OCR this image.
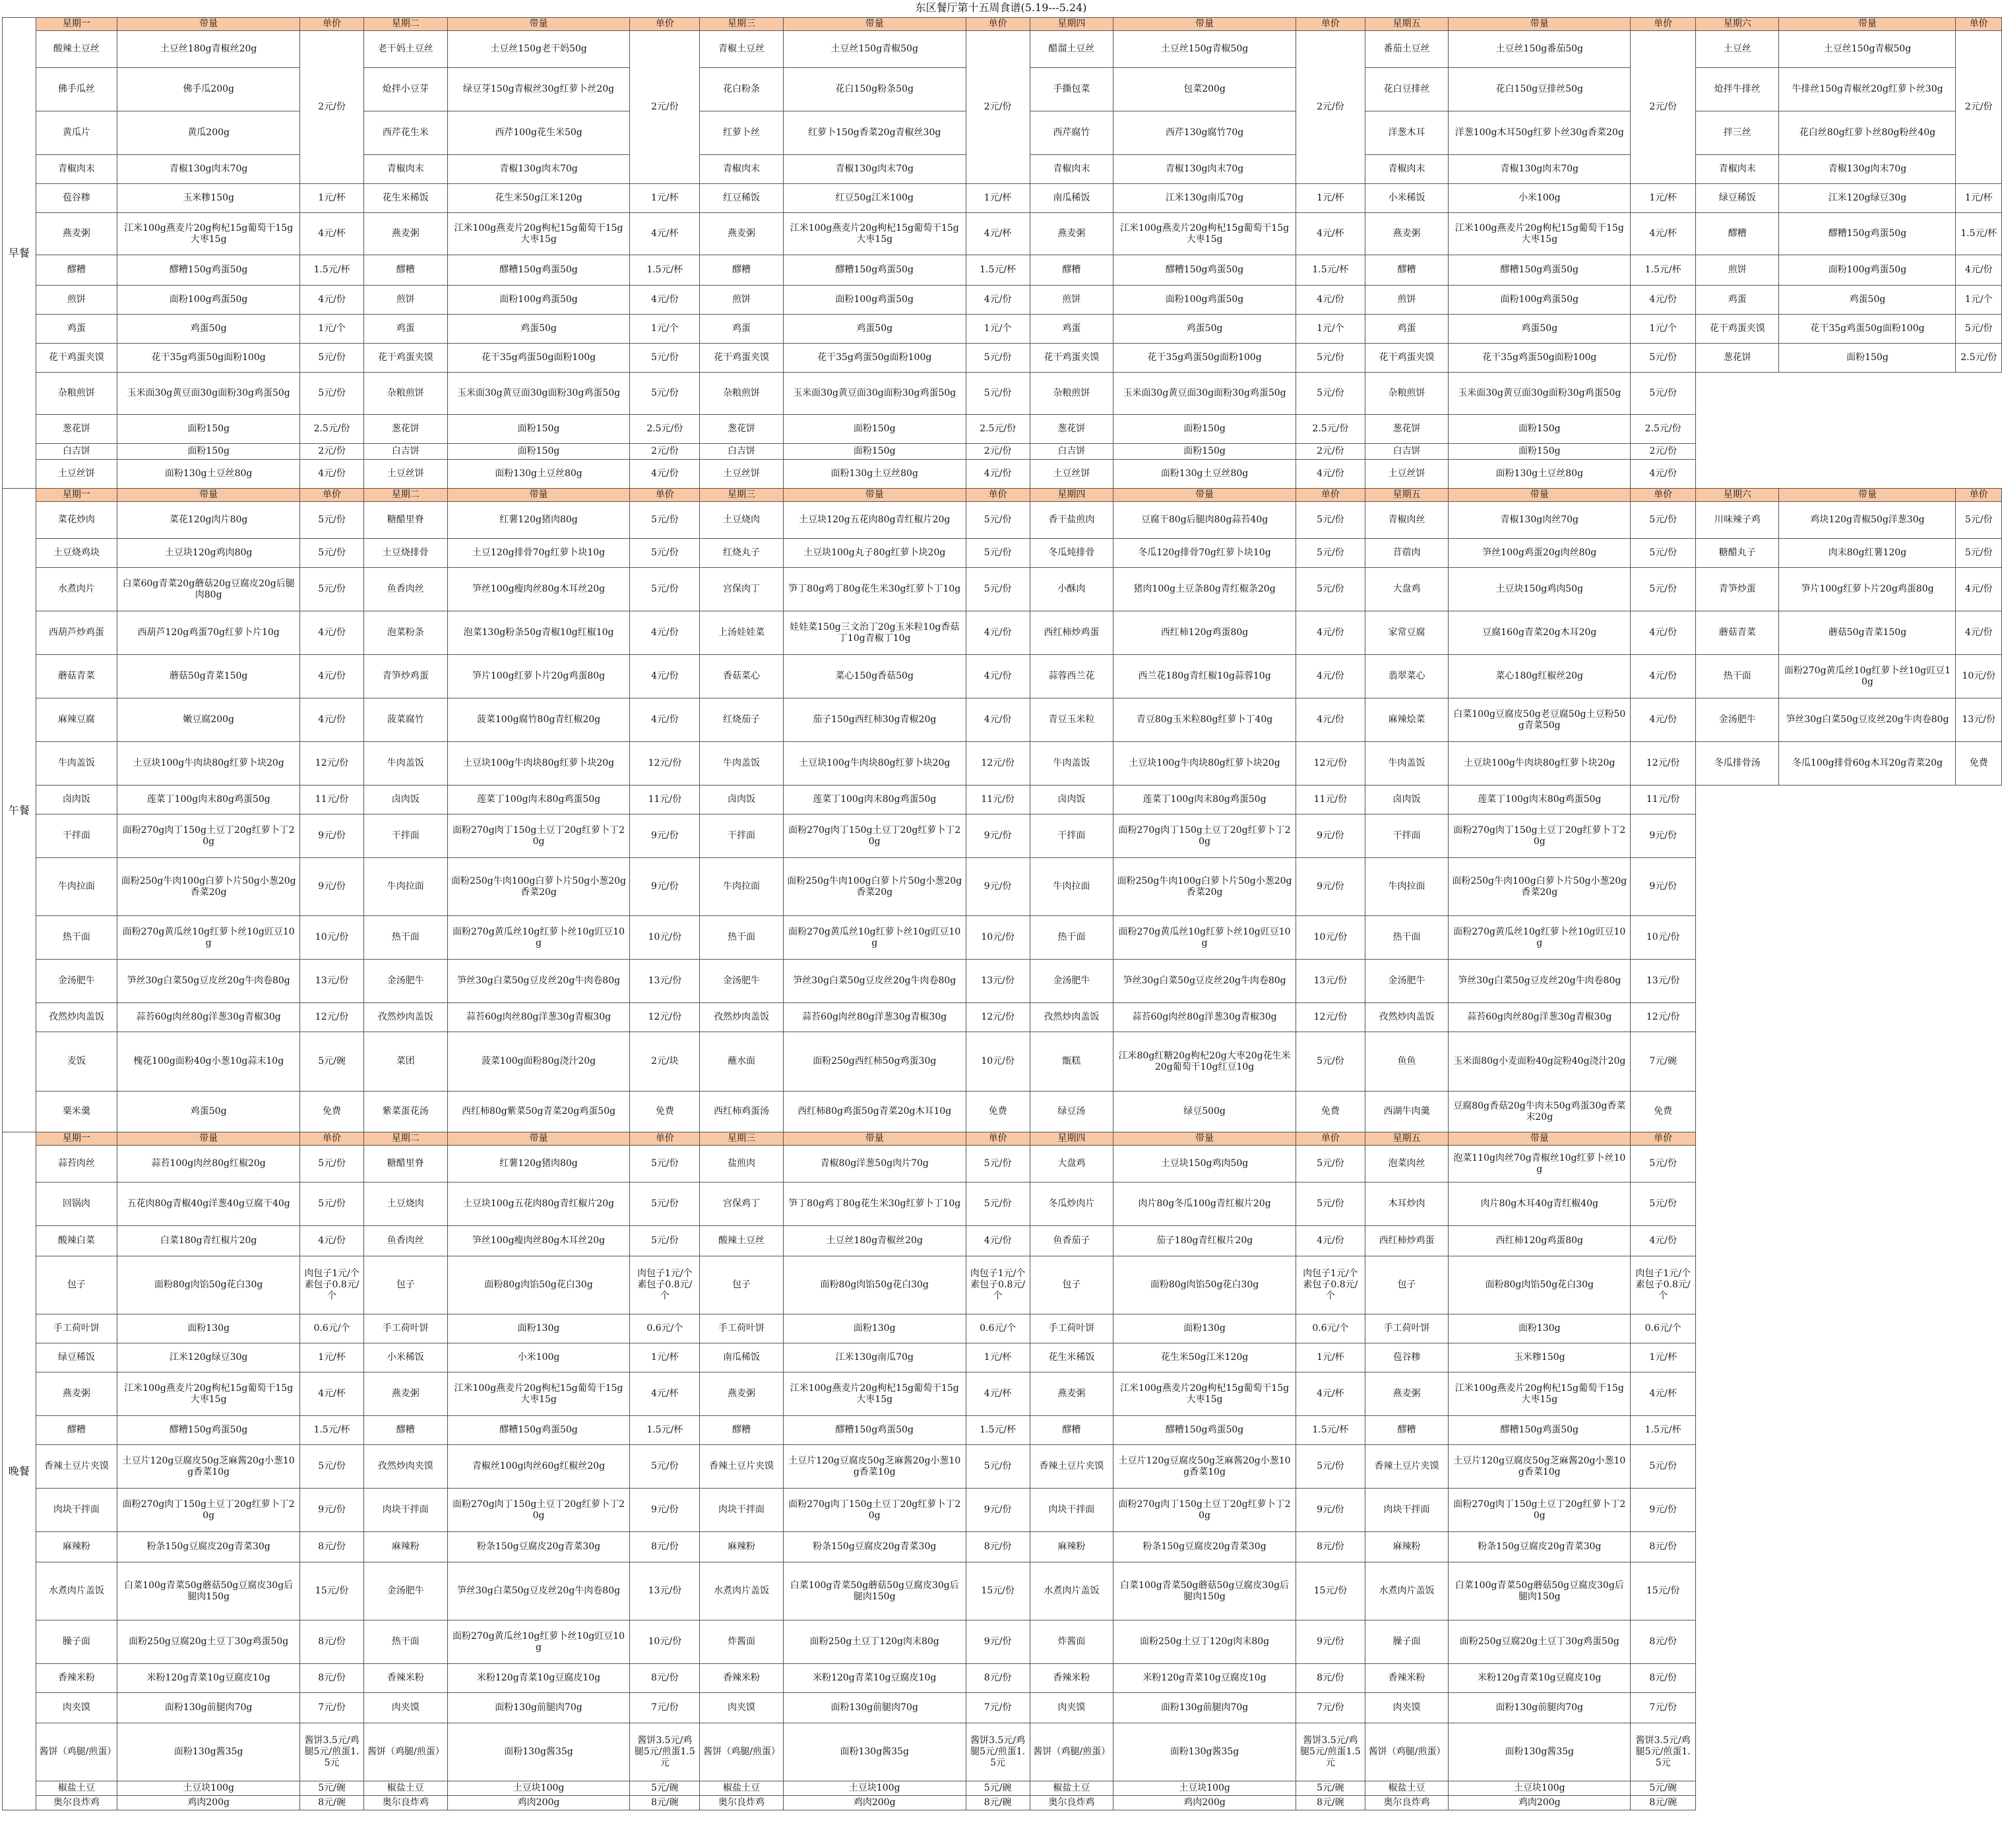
东区餐厅第十五周食谱(5.19---5.24)
早餐	星期一	带量	单价	星期二	带量	单价	星期三	带量	单价	星期四	带量	单价	星期五	带量	单价	星期六	带量	单价
	酸辣土豆丝	土豆丝180g青椒丝20g	2元/份	老干妈土豆丝	土豆丝150g老干妈50g	2元/份	青椒土豆丝	土豆丝150g青椒50g	2元/份	醋溜土豆丝	土豆丝150g青椒50g	2元/份	番茄土豆丝	土豆丝150g番茄50g	2元/份	土豆丝	土豆丝150g青椒50g	2元/份
	佛手瓜丝	佛手瓜200g		炝拌小豆芽	绿豆芽150g青椒丝30g红萝卜丝20g		花白粉条	花白150g粉条50g		手撕包菜	包菜200g		花白豆排丝	花白150g豆排丝50g		炝拌牛排丝	牛排丝150g青椒丝20g红萝卜丝30g	
	黄瓜片	黄瓜200g		西芹花生米	西芹100g花生米50g		红萝卜丝	红萝卜150g香菜20g青椒丝30g		西芹腐竹	西芹130g腐竹70g		洋葱木耳	洋葱100g木耳50g红萝卜丝30g香菜20g		拌三丝	花白丝80g红萝卜丝80g粉丝40g	
	青椒肉末	青椒130g肉末70g		青椒肉末	青椒130g肉末70g		青椒肉末	青椒130g肉末70g		青椒肉末	青椒130g肉末70g		青椒肉末	青椒130g肉末70g		青椒肉末	青椒130g肉末70g	
	苞谷糁	玉米糁150g	1元/杯	花生米稀饭	花生米50g江米120g	1元/杯	红豆稀饭	红豆50g江米100g	1元/杯	南瓜稀饭	江米130g南瓜70g	1元/杯	小米稀饭	小米100g	1元/杯	绿豆稀饭	江米120g绿豆30g	1元/杯
	燕麦粥	江米100g燕麦片20g枸杞15g葡萄干15g大枣15g	4元/杯	燕麦粥	江米100g燕麦片20g枸杞15g葡萄干15g大枣15g	4元/杯	燕麦粥	江米100g燕麦片20g枸杞15g葡萄干15g大枣15g	4元/杯	燕麦粥	江米100g燕麦片20g枸杞15g葡萄干15g大枣15g	4元/杯	燕麦粥	江米100g燕麦片20g枸杞15g葡萄干15g大枣15g	4元/杯	醪糟	醪糟150g鸡蛋50g	1.5元/杯
	醪糟	醪糟150g鸡蛋50g	1.5元/杯	醪糟	醪糟150g鸡蛋50g	1.5元/杯	醪糟	醪糟150g鸡蛋50g	1.5元/杯	醪糟	醪糟150g鸡蛋50g	1.5元/杯	醪糟	醪糟150g鸡蛋50g	1.5元/杯	煎饼	面粉100g鸡蛋50g	4元/份
	煎饼	面粉100g鸡蛋50g	4元/份	煎饼	面粉100g鸡蛋50g	4元/份	煎饼	面粉100g鸡蛋50g	4元/份	煎饼	面粉100g鸡蛋50g	4元/份	煎饼	面粉100g鸡蛋50g	4元/份	鸡蛋	鸡蛋50g	1元/个
	鸡蛋	鸡蛋50g	1元/个	鸡蛋	鸡蛋50g	1元/个	鸡蛋	鸡蛋50g	1元/个	鸡蛋	鸡蛋50g	1元/个	鸡蛋	鸡蛋50g	1元/个	花干鸡蛋夹馍	花干35g鸡蛋50g面粉100g	5元/份
	花干鸡蛋夹馍	花干35g鸡蛋50g面粉100g	5元/份	花干鸡蛋夹馍	花干35g鸡蛋50g面粉100g	5元/份	花干鸡蛋夹馍	花干35g鸡蛋50g面粉100g	5元/份	花干鸡蛋夹馍	花干35g鸡蛋50g面粉100g	5元/份	花干鸡蛋夹馍	花干35g鸡蛋50g面粉100g	5元/份	葱花饼	面粉150g	2.5元/份
	杂粮煎饼	玉米面30g黄豆面30g面粉30g鸡蛋50g	5元/份	杂粮煎饼	玉米面30g黄豆面30g面粉30g鸡蛋50g	5元/份	杂粮煎饼	玉米面30g黄豆面30g面粉30g鸡蛋50g	5元/份	杂粮煎饼	玉米面30g黄豆面30g面粉30g鸡蛋50g	5元/份	杂粮煎饼	玉米面30g黄豆面30g面粉30g鸡蛋50g	5元/份			
	葱花饼	面粉150g	2.5元/份	葱花饼	面粉150g	2.5元/份	葱花饼	面粉150g	2.5元/份	葱花饼	面粉150g	2.5元/份	葱花饼	面粉150g	2.5元/份			
	白吉饼	面粉150g	2元/份	白吉饼	面粉150g	2元/份	白吉饼	面粉150g	2元/份	白吉饼	面粉150g	2元/份	白吉饼	面粉150g	2元/份			
	土豆丝饼	面粉130g土豆丝80g	4元/份	土豆丝饼	面粉130g土豆丝80g	4元/份	土豆丝饼	面粉130g土豆丝80g	4元/份	土豆丝饼	面粉130g土豆丝80g	4元/份	土豆丝饼	面粉130g土豆丝80g	4元/份			
午餐	星期一	带量	单价	星期二	带量	单价	星期三	带量	单价	星期四	带量	单价	星期五	带量	单价	星期六	带量	单价
	菜花炒肉	菜花120g肉片80g	5元/份	糖醋里脊	红薯120g猪肉80g	5元/份	土豆烧肉	土豆块120g五花肉80g青红椒片20g	5元/份	香干盐煎肉	豆腐干80g后腿肉80g蒜苔40g	5元/份	青椒肉丝	青椒130g肉丝70g	5元/份	川味辣子鸡	鸡块120g青椒50g洋葱30g	5元/份
	土豆烧鸡块	土豆块120g鸡肉80g	5元/份	土豆烧排骨	土豆120g排骨70g红萝卜块10g	5元/份	红烧丸子	土豆块100g丸子80g红萝卜块20g	5元/份	冬瓜炖排骨	冬瓜120g排骨70g红萝卜块10g	5元/份	苜蓿肉	笋丝100g鸡蛋20g肉丝80g	5元/份	糖醋丸子	肉末80g红薯120g	5元/份
	水煮肉片	白菜60g青菜20g蘑菇20g豆腐皮20g后腿肉80g	5元/份	鱼香肉丝	笋丝100g瘦肉丝80g木耳丝20g	5元/份	宫保肉丁	笋丁80g鸡丁80g花生米30g红萝卜丁10g	5元/份	小酥肉	猪肉100g土豆条80g青红椒条20g	5元/份	大盘鸡	土豆块150g鸡肉50g	5元/份	青笋炒蛋	笋片100g红萝卜片20g鸡蛋80g	4元/份
	西葫芦炒鸡蛋	西葫芦120g鸡蛋70g红萝卜片10g	4元/份	泡菜粉条	泡菜130g粉条50g青椒10g红椒10g	4元/份	上汤娃娃菜	娃娃菜150g三文治丁20g玉米粒10g香菇丁10g青椒丁10g	4元/份	西红柿炒鸡蛋	西红柿120g鸡蛋80g	4元/份	家常豆腐	豆腐160g青菜20g木耳20g	4元/份	蘑菇青菜	蘑菇50g青菜150g	4元/份
	蘑菇青菜	蘑菇50g青菜150g	4元/份	青笋炒鸡蛋	笋片100g红萝卜片20g鸡蛋80g	4元/份	香菇菜心	菜心150g香菇50g	4元/份	蒜蓉西兰花	西兰花180g青红椒10g蒜蓉10g	4元/份	翡翠菜心	菜心180g红椒丝20g	4元/份	热干面	面粉270g黄瓜丝10g红萝卜丝10g豇豆10g	10元/份
	麻辣豆腐	嫩豆腐200g	4元/份	菠菜腐竹	菠菜100g腐竹80g青红椒20g	4元/份	红烧茄子	茄子150g西红柿30g青椒20g	4元/份	青豆玉米粒	青豆80g玉米粒80g红萝卜丁40g	4元/份	麻辣烩菜	白菜100g豆腐皮50g老豆腐50g土豆粉50g青菜50g	4元/份	金汤肥牛	笋丝30g白菜50g豆皮丝20g牛肉卷80g	13元/份
	牛肉盖饭	土豆块100g牛肉块80g红萝卜块20g	12元/份	牛肉盖饭	土豆块100g牛肉块80g红萝卜块20g	12元/份	牛肉盖饭	土豆块100g牛肉块80g红萝卜块20g	12元/份	牛肉盖饭	土豆块100g牛肉块80g红萝卜块20g	12元/份	牛肉盖饭	土豆块100g牛肉块80g红萝卜块20g	12元/份	冬瓜排骨汤	冬瓜100g排骨60g木耳20g青菜20g	免费
	卤肉饭	莲菜丁100g肉末80g鸡蛋50g	11元/份	卤肉饭	莲菜丁100g肉末80g鸡蛋50g	11元/份	卤肉饭	莲菜丁100g肉末80g鸡蛋50g	11元/份	卤肉饭	莲菜丁100g肉末80g鸡蛋50g	11元/份	卤肉饭	莲菜丁100g肉末80g鸡蛋50g	11元/份			
	干拌面	面粉270g肉丁150g土豆丁20g红萝卜丁20g	9元/份	干拌面	面粉270g肉丁150g土豆丁20g红萝卜丁20g	9元/份	干拌面	面粉270g肉丁150g土豆丁20g红萝卜丁20g	9元/份	干拌面	面粉270g肉丁150g土豆丁20g红萝卜丁20g	9元/份	干拌面	面粉270g肉丁150g土豆丁20g红萝卜丁20g	9元/份			
	牛肉拉面	面粉250g牛肉100g白萝卜片50g小葱20g香菜20g	9元/份	牛肉拉面	面粉250g牛肉100g白萝卜片50g小葱20g香菜20g	9元/份	牛肉拉面	面粉250g牛肉100g白萝卜片50g小葱20g香菜20g	9元/份	牛肉拉面	面粉250g牛肉100g白萝卜片50g小葱20g香菜20g	9元/份	牛肉拉面	面粉250g牛肉100g白萝卜片50g小葱20g香菜20g	9元/份			
	热干面	面粉270g黄瓜丝10g红萝卜丝10g豇豆10g	10元/份	热干面	面粉270g黄瓜丝10g红萝卜丝10g豇豆10g	10元/份	热干面	面粉270g黄瓜丝10g红萝卜丝10g豇豆10g	10元/份	热干面	面粉270g黄瓜丝10g红萝卜丝10g豇豆10g	10元/份	热干面	面粉270g黄瓜丝10g红萝卜丝10g豇豆10g	10元/份			
	金汤肥牛	笋丝30g白菜50g豆皮丝20g牛肉卷80g	13元/份	金汤肥牛	笋丝30g白菜50g豆皮丝20g牛肉卷80g	13元/份	金汤肥牛	笋丝30g白菜50g豆皮丝20g牛肉卷80g	13元/份	金汤肥牛	笋丝30g白菜50g豆皮丝20g牛肉卷80g	13元/份	金汤肥牛	笋丝30g白菜50g豆皮丝20g牛肉卷80g	13元/份			
	孜然炒肉盖饭	蒜苔60g肉丝80g洋葱30g青椒30g	12元/份	孜然炒肉盖饭	蒜苔60g肉丝80g洋葱30g青椒30g	12元/份	孜然炒肉盖饭	蒜苔60g肉丝80g洋葱30g青椒30g	12元/份	孜然炒肉盖饭	蒜苔60g肉丝80g洋葱30g青椒30g	12元/份	孜然炒肉盖饭	蒜苔60g肉丝80g洋葱30g青椒30g	12元/份			
	麦饭	槐花100g面粉40g小葱10g蒜末10g	5元/碗	菜团	菠菜100g面粉80g浇汁20g	2元/块	蘸水面	面粉250g西红柿50g鸡蛋30g	10元/份	甑糕	江米80g红糖20g枸杞20g大枣20g花生米20g葡萄干10g红豆10g	5元/份	鱼鱼	玉米面80g小麦面粉40g淀粉40g浇汁20g	7元/碗			
	粟米羹	鸡蛋50g	免费	紫菜蛋花汤	西红柿80g紫菜50g青菜20g鸡蛋50g	免费	西红柿鸡蛋汤	西红柿80g鸡蛋50g青菜20g木耳10g	免费	绿豆汤	绿豆500g	免费	西湖牛肉羹	豆腐80g香菇20g牛肉末50g鸡蛋30g香菜末20g	免费			
晚餐	星期一	带量	单价	星期二	带量	单价	星期三	带量	单价	星期四	带量	单价	星期五	带量	单价			
	蒜苔肉丝	蒜苔100g肉丝80g红椒20g	5元/份	糖醋里脊	红薯120g猪肉80g	5元/份	盐煎肉	青椒80g洋葱50g肉片70g	5元/份	大盘鸡	土豆块150g鸡肉50g	5元/份	泡菜肉丝	泡菜110g肉丝70g青椒丝10g红萝卜丝10g	5元/份			
	回锅肉	五花肉80g青椒40g洋葱40g豆腐干40g	5元/份	土豆烧肉	土豆块100g五花肉80g青红椒片20g	5元/份	宫保鸡丁	笋丁80g鸡丁80g花生米30g红萝卜丁10g	5元/份	冬瓜炒肉片	肉片80g冬瓜100g青红椒片20g	5元/份	木耳炒肉	肉片80g木耳40g青红椒40g	5元/份			
	酸辣白菜	白菜180g青红椒片20g	4元/份	鱼香肉丝	笋丝100g瘦肉丝80g木耳丝20g	5元/份	酸辣土豆丝	土豆丝180g青椒丝20g	4元/份	鱼香茄子	茄子180g青红椒片20g	4元/份	西红柿炒鸡蛋	西红柿120g鸡蛋80g	4元/份			
	包子	面粉80g肉馅50g花白30g	肉包子1元/个素包子0.8元/个	包子	面粉80g肉馅50g花白30g	肉包子1元/个素包子0.8元/个	包子	面粉80g肉馅50g花白30g	肉包子1元/个素包子0.8元/个	包子	面粉80g肉馅50g花白30g	肉包子1元/个素包子0.8元/个	包子	面粉80g肉馅50g花白30g	肉包子1元/个素包子0.8元/个			
	手工荷叶饼	面粉130g	0.6元/个	手工荷叶饼	面粉130g	0.6元/个	手工荷叶饼	面粉130g	0.6元/个	手工荷叶饼	面粉130g	0.6元/个	手工荷叶饼	面粉130g	0.6元/个			
	绿豆稀饭	江米120g绿豆30g	1元/杯	小米稀饭	小米100g	1元/杯	南瓜稀饭	江米130g南瓜70g	1元/杯	花生米稀饭	花生米50g江米120g	1元/杯	苞谷糁	玉米糁150g	1元/杯			
	燕麦粥	江米100g燕麦片20g枸杞15g葡萄干15g大枣15g	4元/杯	燕麦粥	江米100g燕麦片20g枸杞15g葡萄干15g大枣15g	4元/杯	燕麦粥	江米100g燕麦片20g枸杞15g葡萄干15g大枣15g	4元/杯	燕麦粥	江米100g燕麦片20g枸杞15g葡萄干15g大枣15g	4元/杯	燕麦粥	江米100g燕麦片20g枸杞15g葡萄干15g大枣15g	4元/杯			
	醪糟	醪糟150g鸡蛋50g	1.5元/杯	醪糟	醪糟150g鸡蛋50g	1.5元/杯	醪糟	醪糟150g鸡蛋50g	1.5元/杯	醪糟	醪糟150g鸡蛋50g	1.5元/杯	醪糟	醪糟150g鸡蛋50g	1.5元/杯			
	香辣土豆片夹馍	土豆片120g豆腐皮50g芝麻酱20g小葱10g香菜10g	5元/份	孜然炒肉夹馍	青椒丝100g肉丝60g红椒丝20g	5元/份	香辣土豆片夹馍	土豆片120g豆腐皮50g芝麻酱20g小葱10g香菜10g	5元/份	香辣土豆片夹馍	土豆片120g豆腐皮50g芝麻酱20g小葱10g香菜10g	5元/份	香辣土豆片夹馍	土豆片120g豆腐皮50g芝麻酱20g小葱10g香菜10g	5元/份			
	肉块干拌面	面粉270g肉丁150g土豆丁20g红萝卜丁20g	9元/份	肉块干拌面	面粉270g肉丁150g土豆丁20g红萝卜丁20g	9元/份	肉块干拌面	面粉270g肉丁150g土豆丁20g红萝卜丁20g	9元/份	肉块干拌面	面粉270g肉丁150g土豆丁20g红萝卜丁20g	9元/份	肉块干拌面	面粉270g肉丁150g土豆丁20g红萝卜丁20g	9元/份			
	麻辣粉	粉条150g豆腐皮20g青菜30g	8元/份	麻辣粉	粉条150g豆腐皮20g青菜30g	8元/份	麻辣粉	粉条150g豆腐皮20g青菜30g	8元/份	麻辣粉	粉条150g豆腐皮20g青菜30g	8元/份	麻辣粉	粉条150g豆腐皮20g青菜30g	8元/份			
	水煮肉片盖饭	白菜100g青菜50g蘑菇50g豆腐皮30g后腿肉150g	15元/份	金汤肥牛	笋丝30g白菜50g豆皮丝20g牛肉卷80g	13元/份	水煮肉片盖饭	白菜100g青菜50g蘑菇50g豆腐皮30g后腿肉150g	15元/份	水煮肉片盖饭	白菜100g青菜50g蘑菇50g豆腐皮30g后腿肉150g	15元/份	水煮肉片盖饭	白菜100g青菜50g蘑菇50g豆腐皮30g后腿肉150g	15元/份			
	臊子面	面粉250g豆腐20g土豆丁30g鸡蛋50g	8元/份	热干面	面粉270g黄瓜丝10g红萝卜丝10g豇豆10g	10元/份	炸酱面	面粉250g土豆丁120g肉末80g	9元/份	炸酱面	面粉250g土豆丁120g肉末80g	9元/份	臊子面	面粉250g豆腐20g土豆丁30g鸡蛋50g	8元/份			
	香辣米粉	米粉120g青菜10g豆腐皮10g	8元/份	香辣米粉	米粉120g青菜10g豆腐皮10g	8元/份	香辣米粉	米粉120g青菜10g豆腐皮10g	8元/份	香辣米粉	米粉120g青菜10g豆腐皮10g	8元/份	香辣米粉	米粉120g青菜10g豆腐皮10g	8元/份			
	肉夹馍	面粉130g前腿肉70g	7元/份	肉夹馍	面粉130g前腿肉70g	7元/份	肉夹馍	面粉130g前腿肉70g	7元/份	肉夹馍	面粉130g前腿肉70g	7元/份	肉夹馍	面粉130g前腿肉70g	7元/份			
	酱饼（鸡腿/煎蛋）	面粉130g酱35g	酱饼3.5元/鸡腿5元/煎蛋1.5元	酱饼（鸡腿/煎蛋）	面粉130g酱35g	酱饼3.5元/鸡腿5元/煎蛋1.5元	酱饼（鸡腿/煎蛋）	面粉130g酱35g	酱饼3.5元/鸡腿5元/煎蛋1.5元	酱饼（鸡腿/煎蛋）	面粉130g酱35g	酱饼3.5元/鸡腿5元/煎蛋1.5元	酱饼（鸡腿/煎蛋）	面粉130g酱35g	酱饼3.5元/鸡腿5元/煎蛋1.5元			
	椒盐土豆	土豆块100g	5元/碗	椒盐土豆	土豆块100g	5元/碗	椒盐土豆	土豆块100g	5元/碗	椒盐土豆	土豆块100g	5元/碗	椒盐土豆	土豆块100g	5元/碗			
	奥尔良炸鸡	鸡肉200g	8元/碗	奥尔良炸鸡	鸡肉200g	8元/碗	奥尔良炸鸡	鸡肉200g	8元/碗	奥尔良炸鸡	鸡肉200g	8元/碗	奥尔良炸鸡	鸡肉200g	8元/碗			
